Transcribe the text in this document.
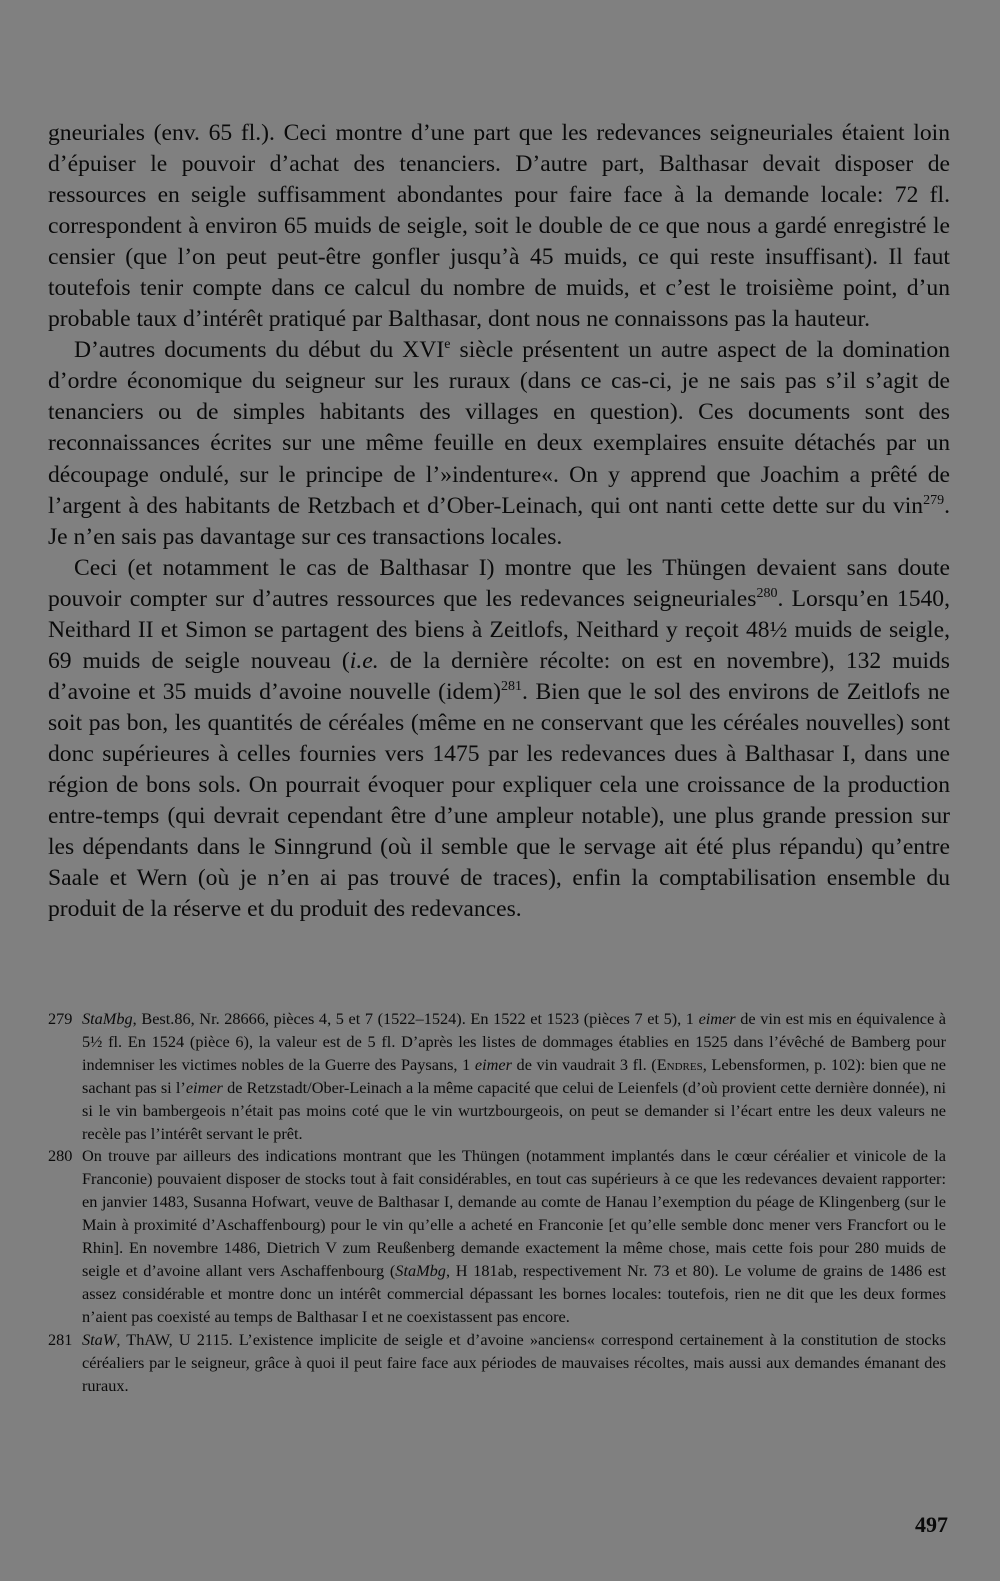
gneuriales (env. 65 fl.). Ceci montre d’une part que les redevances seigneuriales étaient loin d’épuiser le pouvoir d’achat des tenanciers. D’autre part, Balthasar devait disposer de ressources en seigle suffisamment abondantes pour faire face à la demande locale: 72 fl. correspondent à environ 65 muids de seigle, soit le double de ce que nous a gardé enregistré le censier (que l’on peut peut-être gonfler jusqu’à 45 muids, ce qui reste insuffisant). Il faut toutefois tenir compte dans ce calcul du nombre de muids, et c’est le troisième point, d’un probable taux d’intérêt pratiqué par Balthasar, dont nous ne connaissons pas la hauteur.

D’autres documents du début du XVIe siècle présentent un autre aspect de la domination d’ordre économique du seigneur sur les ruraux (dans ce cas-ci, je ne sais pas s’il s’agit de tenanciers ou de simples habitants des villages en question). Ces documents sont des reconnaissances écrites sur une même feuille en deux exemplaires ensuite détachés par un découpage ondulé, sur le principe de l’»indenture«. On y apprend que Joachim a prêté de l’argent à des habitants de Retzbach et d’Ober-Leinach, qui ont nanti cette dette sur du vin$^{279}$. Je n’en sais pas davantage sur ces transactions locales.

Ceci (et notamment le cas de Balthasar I) montre que les Thüngen devaient sans doute pouvoir compter sur d’autres ressources que les redevances seigneuriales$^{280}$. Lorsqu’en 1540, Neithard II et Simon se partagent des biens à Zeitlofs, Neithard y reçoit 48½ muids de seigle, 69 muids de seigle nouveau (i.e. de la dernière récolte: on est en novembre), 132 muids d’avoine et 35 muids d’avoine nouvelle (idem)$^{281}$. Bien que le sol des environs de Zeitlofs ne soit pas bon, les quantités de céréales (même en ne conservant que les céréales nouvelles) sont donc supérieures à celles fournies vers 1475 par les redevances dues à Balthasar I, dans une région de bons sols. On pourrait évoquer pour expliquer cela une croissance de la production entre-temps (qui devrait cependant être d’une ampleur notable), une plus grande pression sur les dépendants dans le Sinngrund (où il semble que le servage ait été plus répandu) qu’entre Saale et Wern (où je n’en ai pas trouvé de traces), enfin la comptabilisation ensemble du produit de la réserve et du produit des redevances.

279 StaMbg, Best.86, Nr. 28666, pièces 4, 5 et 7 (1522–1524). En 1522 et 1523 (pièces 7 et 5), 1 eimer de vin est mis en équivalence à 5½ fl. En 1524 (pièce 6), la valeur est de 5 fl. D’après les listes de dommages établies en 1525 dans l’évêché de Bamberg pour indemniser les victimes nobles de la Guerre des Paysans, 1 eimer de vin vaudrait 3 fl. (Endres, Lebensformen, p. 102): bien que ne sachant pas si l’eimer de Retzstadt/Ober-Leinach a la même capacité que celui de Leienfels (d’où provient cette dernière donnée), ni si le vin bambergeois n’était pas moins coté que le vin wurtzbourgeois, on peut se demander si l’écart entre les deux valeurs ne recèle pas l’intérêt servant le prêt.
280 On trouve par ailleurs des indications montrant que les Thüngen (notamment implantés dans le cœur céréalier et vinicole de la Franconie) pouvaient disposer de stocks tout à fait considérables, en tout cas supérieurs à ce que les redevances devaient rapporter: en janvier 1483, Susanna Hofwart, veuve de Balthasar I, demande au comte de Hanau l’exemption du péage de Klingenberg (sur le Main à proximité d’Aschaffenbourg) pour le vin qu’elle a acheté en Franconie [et qu’elle semble donc mener vers Francfort ou le Rhin]. En novembre 1486, Dietrich V zum Reußenberg demande exactement la même chose, mais cette fois pour 280 muids de seigle et d’avoine allant vers Aschaffenbourg (StaMbg, H 181ab, respectivement Nr. 73 et 80). Le volume de grains de 1486 est assez considérable et montre donc un intérêt commercial dépassant les bornes locales: toutefois, rien ne dit que les deux formes n’aient pas coexisté au temps de Balthasar I et ne coexistassent pas encore.
281 StaW, ThAW, U 2115. L’existence implicite de seigle et d’avoine »anciens« correspond certainement à la constitution de stocks céréaliers par le seigneur, grâce à quoi il peut faire face aux périodes de mauvaises récoltes, mais aussi aux demandes émanant des ruraux.
497
